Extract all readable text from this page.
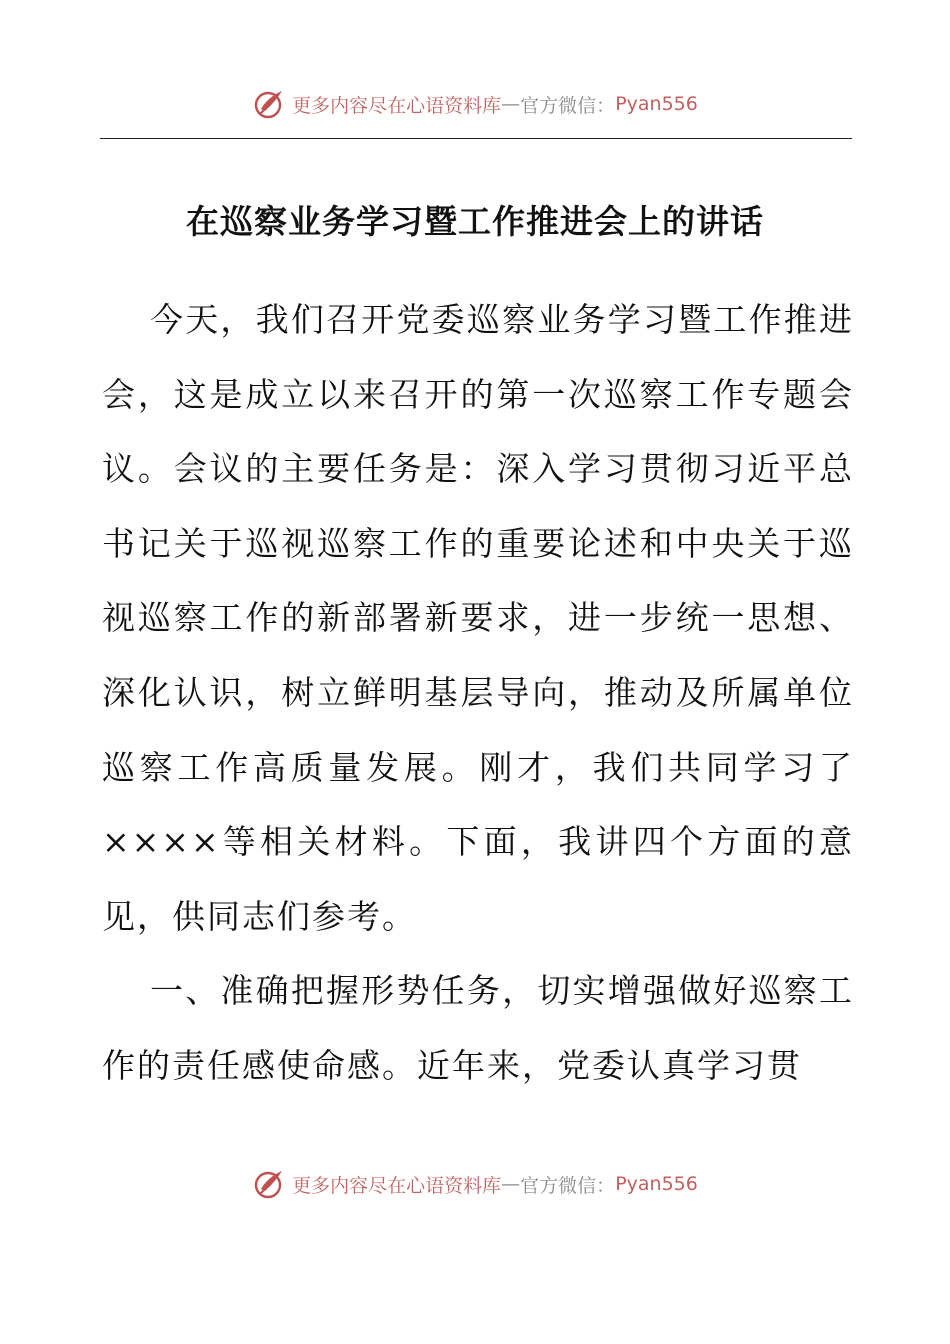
更多内容尽在心语资料库 — 官方微信： Pyan556
在巡察业务学习暨工作推进会上的讲话

今天，我们召开党委巡察业务学习暨工作推进会，这是成立以来召开的第一次巡察工作专题会议。会议的主要任务是：深入学习贯彻习近平总书记关于巡视巡察工作的重要论述和中央关于巡视巡察工作的新部署新要求，进一步统一思想、深化认识，树立鲜明基层导向，推动及所属单位巡察工作高质量发展。刚才，我们共同学习了××××等相关材料。下面，我讲四个方面的意见，供同志们参考。

一、准确把握形势任务，切实增强做好巡察工作的责任感使命感。近年来，党委认真学习贯

更多内容尽在心语资料库 — 官方微信： Pyan556
